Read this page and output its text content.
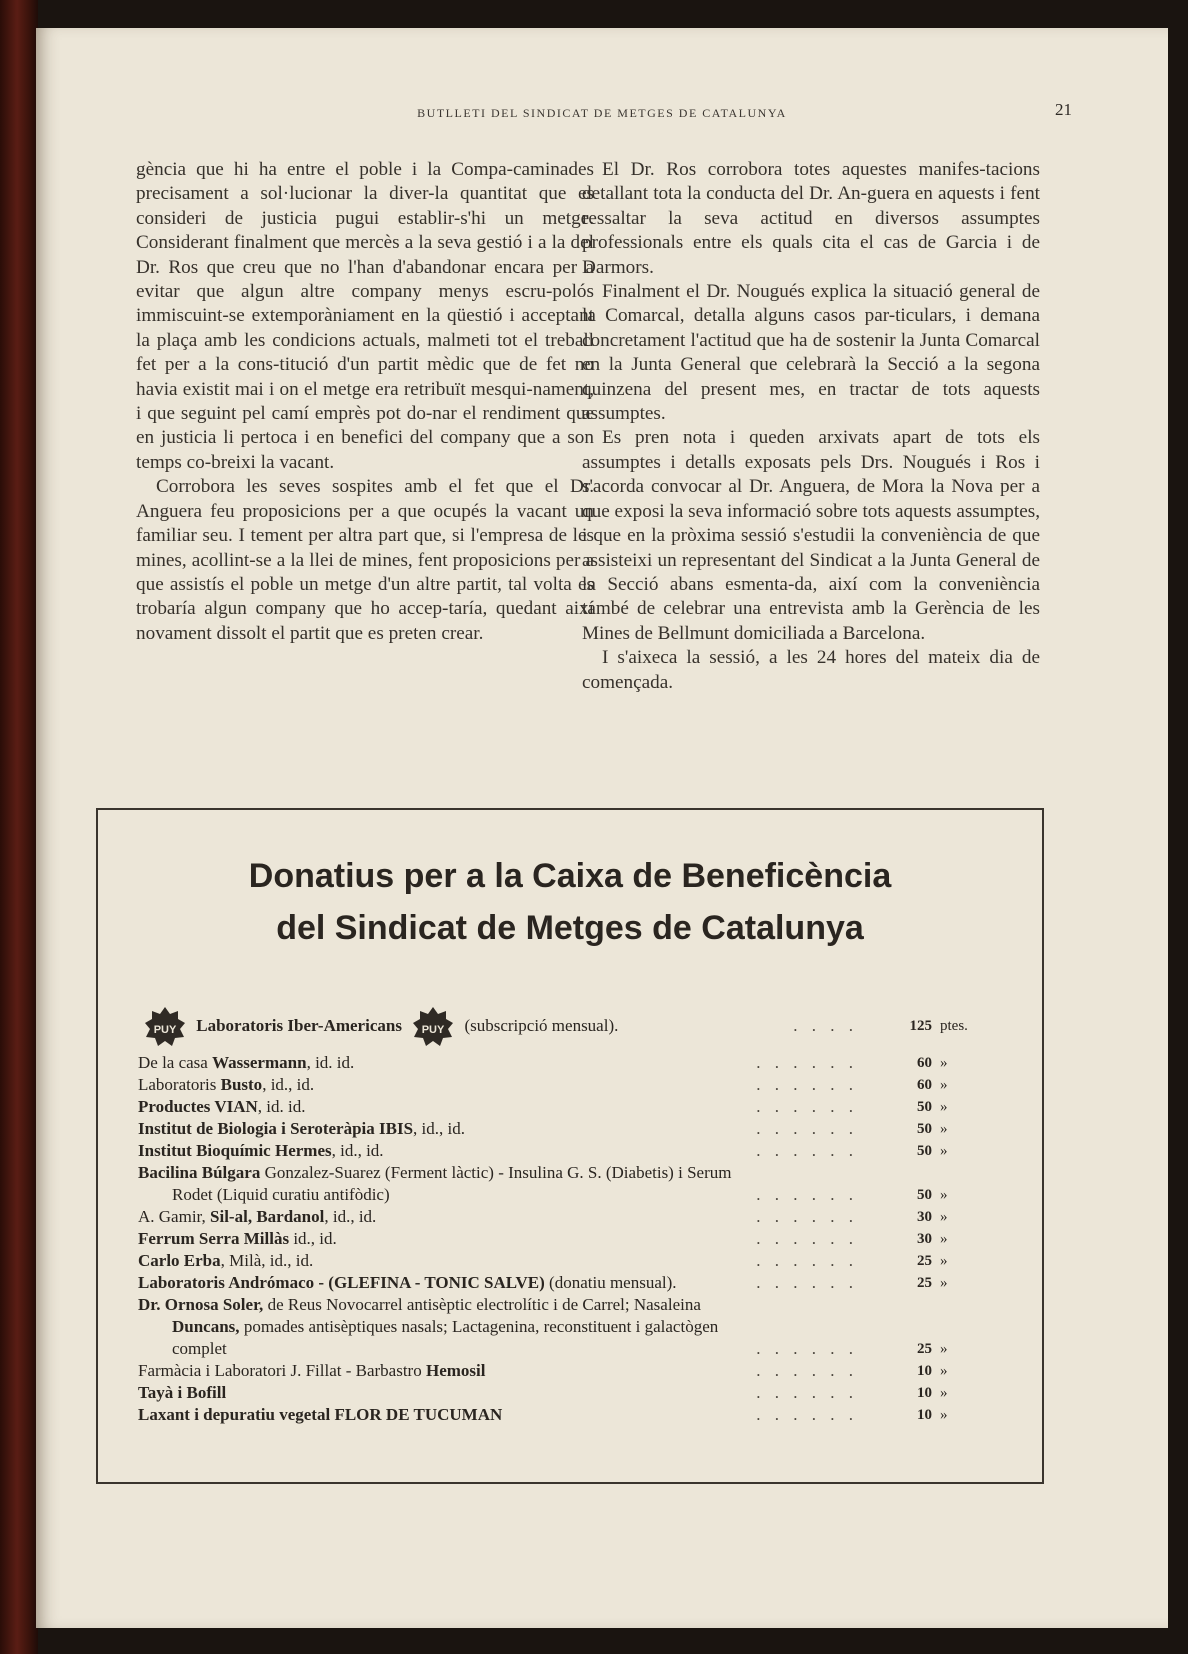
BUTLLETI DEL SINDICAT DE METGES DE CATALUNYA	21

gència que hi ha entre el poble i la Compa-caminades precisament a sol·lucionar la diver-la quantitat que es consideri de justicia pugui establir-s'hi un metge. Considerant finalment que mercès a la seva gestió i a la del Dr. Ros que creu que no l'han d'abandonar encara per a evitar que algun altre company menys escru-polós immiscuint-se extemporàniament en la qüestió i acceptant la plaça amb les condicions actuals, malmeti tot el treball fet per a la cons-titució d'un partit mèdic que de fet no havia existit mai i on el metge era retribuït mesqui-nament, i que seguint pel camí emprès pot do-nar el rendiment que en justicia li pertoca i en benefici del company que a son temps co-breixi la vacant.

Corrobora les seves sospites amb el fet que el Dr. Anguera feu proposicions per a que ocupés la vacant un familiar seu. I tement per altra part que, si l'empresa de les mines, acollint-se a la llei de mines, fent proposicions per a que assistís el poble un metge d'un altre partit, tal volta es trobaría algun company que ho accep-taría, quedant així novament dissolt el partit que es preten crear.

El Dr. Ros corrobora totes aquestes manifes-tacions detallant tota la conducta del Dr. An-guera en aquests i fent ressaltar la seva actitud en diversos assumptes professionals entre els quals cita el cas de Garcia i de Darmors.

Finalment el Dr. Nougués explica la situació general de la Comarcal, detalla alguns casos par-ticulars, i demana concretament l'actitud que ha de sostenir la Junta Comarcal en la Junta General que celebrarà la Secció a la segona quinzena del present mes, en tractar de tots aquests assumptes.

Es pren nota i queden arxivats apart de tots els assumptes i detalls exposats pels Drs. Nougués i Ros i s'acorda convocar al Dr. Anguera, de Mora la Nova per a que exposi la seva informació sobre tots aquests assumptes, i que en la pròxima sessió s'estudii la conveniència de que assisteixi un representant del Sindicat a la Junta General de la Secció abans esmenta-da, així com la conveniència també de celebrar una entrevista amb la Gerència de les Mines de Bellmunt domiciliada a Barcelona.

I s'aixeca la sessió, a les 24 hores del mateix dia de començada.

Donatius per a la Caixa de Beneficència
del Sindicat de Metges de Catalunya
PUY Laboratoris Iber-Americans PUY (subscripció mensual).	. . . .	125 ptes.
De la casa Wassermann, id. id.	. . . . . .	60 »
Laboratoris Busto, id., id.	. . . . . .	60 »
Productes VIAN, id. id.	. . . . . .	50 »
Institut de Biologia i Seroteràpia IBIS, id., id.	. . . . . .	50 »
Institut Bioquímic Hermes, id., id.	. . . . . .	50 »
Bacilina Búlgara Gonzalez-Suarez (Ferment làctic) - Insulina G. S. (Diabetis) i Serum
Rodet (Liquid curatiu antifòdic)	. . . . . .	50 »
A. Gamir, Sil-al, Bardanol, id., id.	. . . . . .	30 »
Ferrum Serra Millàs id., id.	. . . . . .	30 »
Carlo Erba, Milà, id., id.	. . . . . .	25 »
Laboratoris Andrómaco - (GLEFINA - TONIC SALVE) (donatiu mensual).	. . . . . .	25 »
Dr. Ornosa Soler, de Reus Novocarrel antisèptic electrolític i de Carrel; Nasaleina
Duncans, pomades antisèptiques nasals; Lactagenina, reconstituent i galactògen
complet	. . . . . .	25 »
Farmàcia i Laboratori J. Fillat - Barbastro Hemosil	. . . . . .	10 »
Tayà i Bofill	. . . . . .	10 »
Laxant i depuratiu vegetal FLOR DE TUCUMAN	. . . . . .	10 »
